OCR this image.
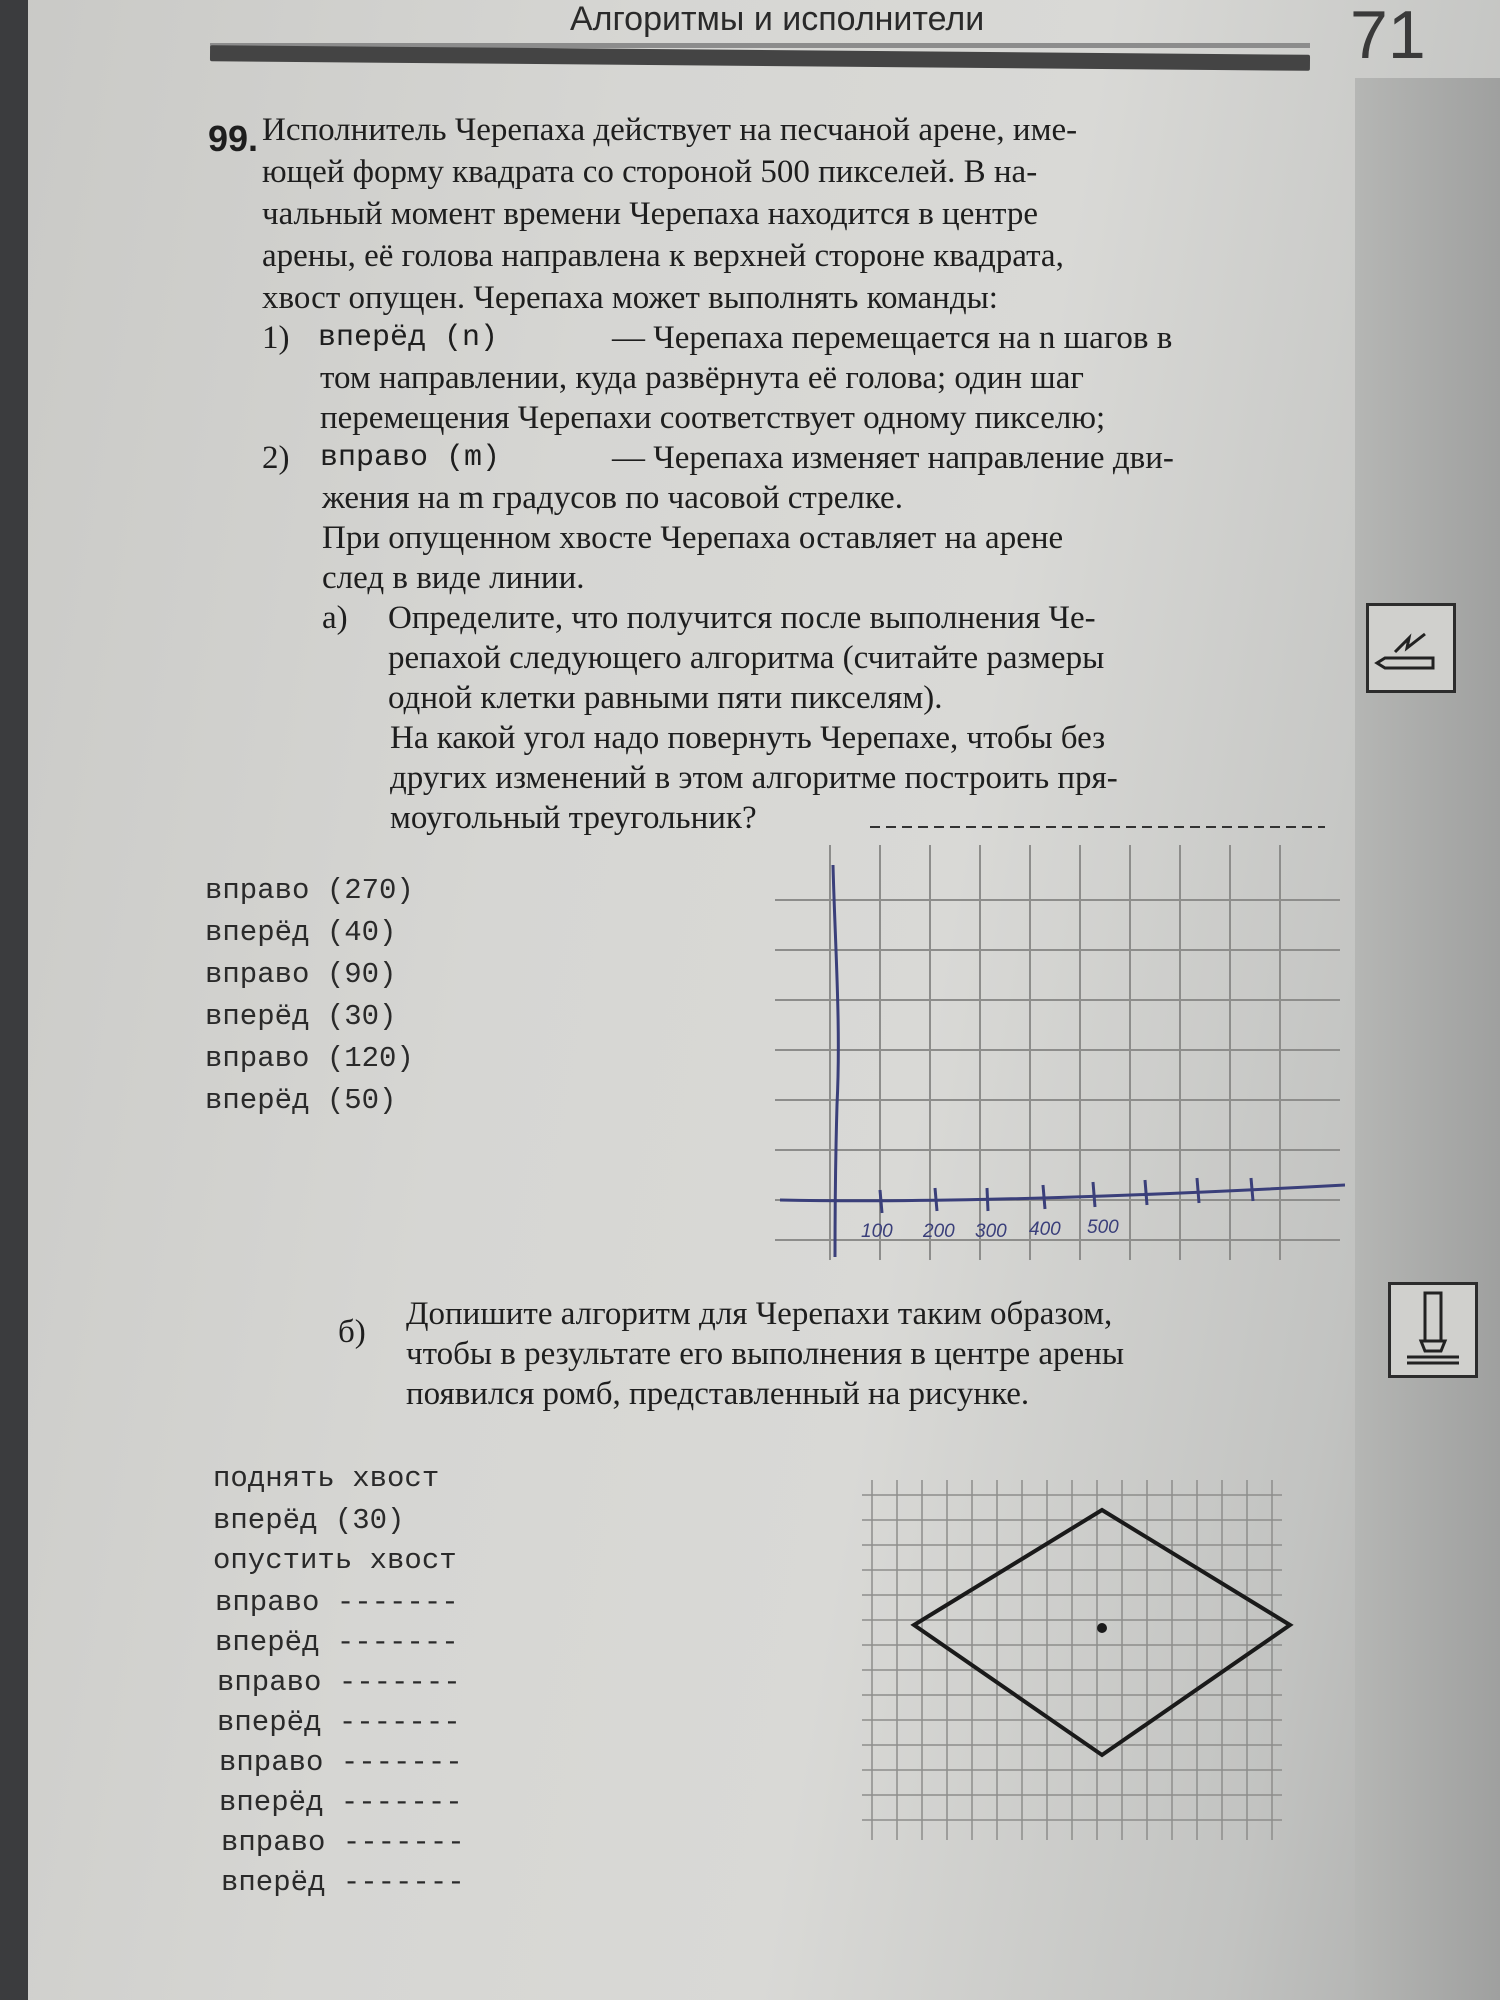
Алгоритмы и исполнители	71
99. Исполнитель Черепаха действует на песчаной арене, име-
ющей форму квадрата со стороной 500 пикселей. В на-
чальный момент времени Черепаха находится в центре
арены, её голова направлена к верхней стороне квадрата,
хвост опущен. Черепаха может выполнять команды:
1) вперёд (n)	— Черепаха перемещается на n шагов в
том направлении, куда развёрнута её голова; один шаг
перемещения Черепахи соответствует одному пикселю;
2) вправо (m)	— Черепаха изменяет направление дви-
жения на m градусов по часовой стрелке.
При опущенном хвосте Черепаха оставляет на арене
след в виде линии.
а) Определите, что получится после выполнения Че-
репахой следующего алгоритма (считайте размеры
одной клетки равными пяти пикселям).
На какой угол надо повернуть Черепахе, чтобы без
других изменений в этом алгоритме построить пря-
моугольный треугольник?
вправо (270)
вперёд (40)
вправо (90)
вперёд (30)
вправо (120)
вперёд (50)
100 200 300 400 500
б) Допишите алгоритм для Черепахи таким образом,
чтобы в результате его выполнения в центре арены
появился ромб, представленный на рисунке.
поднять хвост
вперёд (30)
опустить хвост
вправо -------
вперёд -------
вправо -------
вперёд -------
вправо -------
вперёд -------
вправо -------
вперёд -------
